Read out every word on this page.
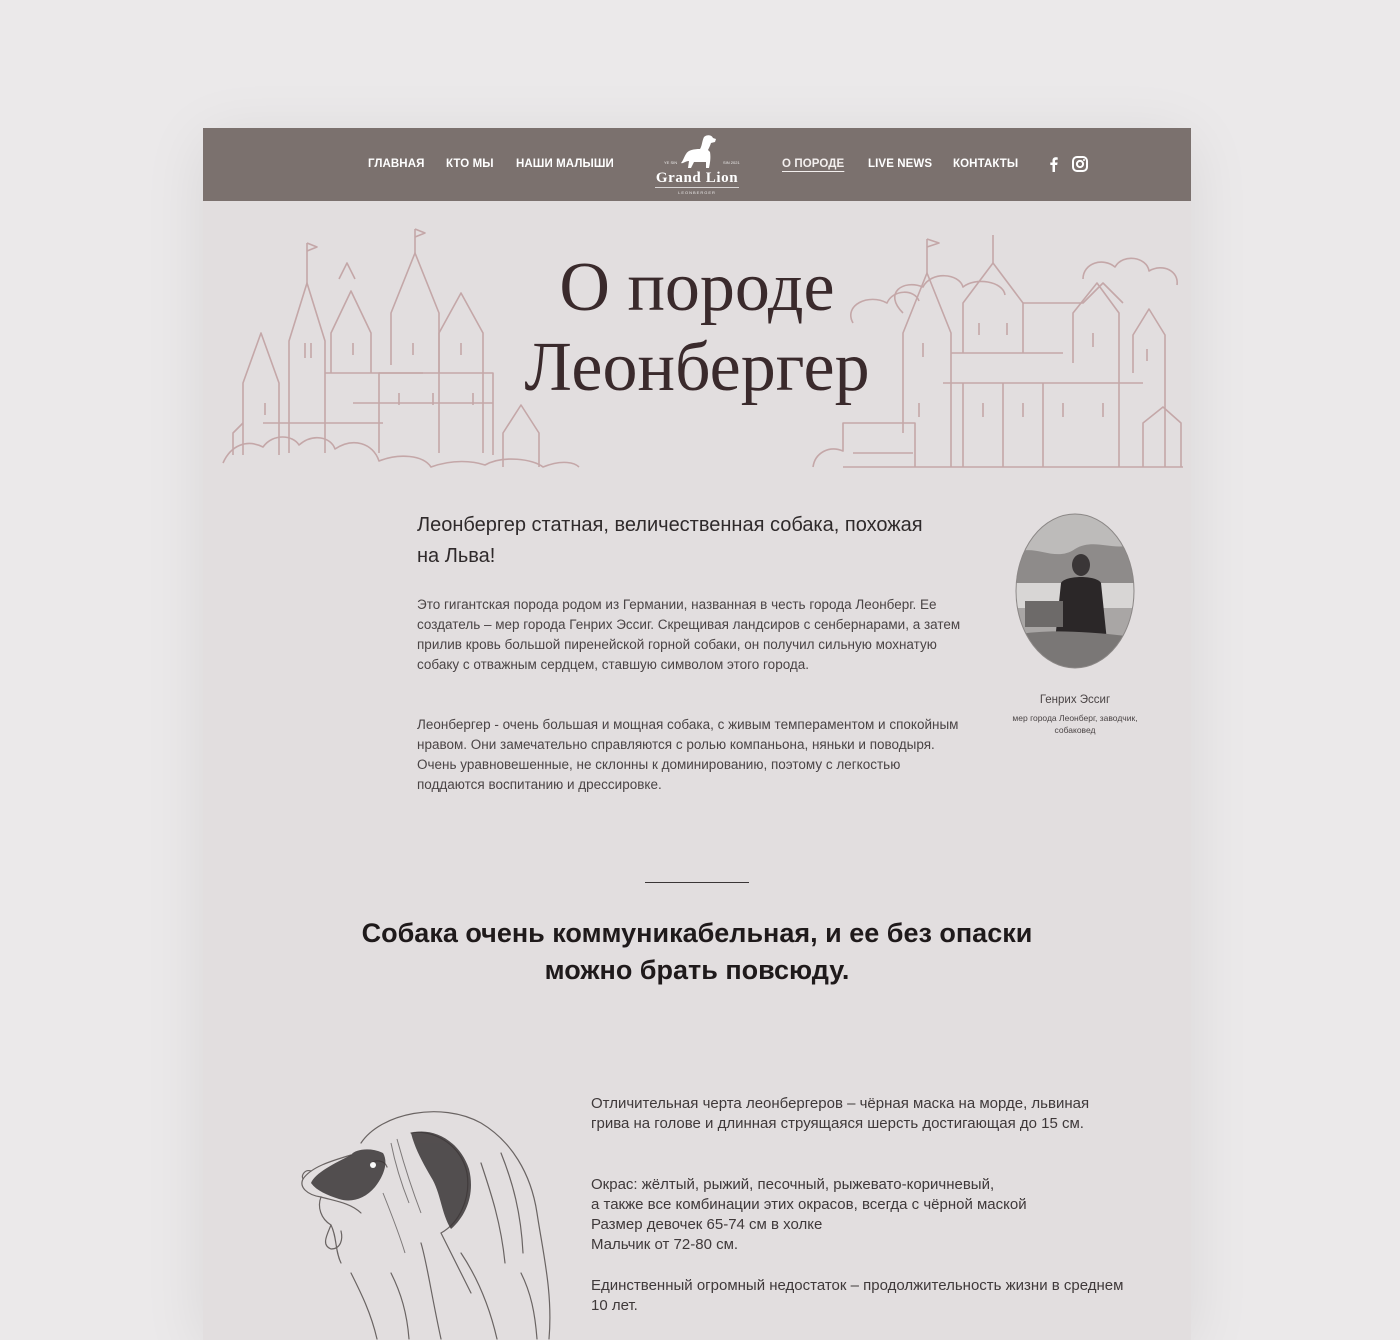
ГЛАВНАЯ КТО МЫ НАШИ МАЛЫШИ	YE SIN	SIN 2021
Grand Lion
LEONBERGER
О ПОРОДЕ LIVE NEWS КОНТАКТЫ
О породе
Леонбергер
Леонбергер статная, величественная собака, похожая на Льва!
Это гигантская порода родом из Германии, названная в честь города Леонберг. Ее создатель – мер города Генрих Эссиг. Скрещивая ландсиров с сенбернарами, а затем прилив кровь большой пиренейской горной собаки, он получил сильную мохнатую собаку с отважным сердцем, ставшую символом этого города.
Леонбергер - очень большая и мощная собака, с живым темпераментом и спокойным нравом. Они замечательно справляются с ролью компаньона, няньки и поводыря. Очень уравновешенные, не склонны к доминированию, поэтому с легкостью поддаются воспитанию и дрессировке.
Генрих Эссиг
мер города Леонберг, заводчик, собаковед
Собака очень коммуникабельная, и ее без опаски можно брать повсюду.
Отличительная черта леонбергеров – чёрная маска на морде, львиная грива на голове и длинная струящаяся шерсть достигающая до 15 см.
Окрас: жёлтый, рыжий, песочный, рыжевато-коричневый,
а также все комбинации этих окрасов, всегда с чёрной маской
Размер девочек 65-74 см в холке
Мальчик от 72-80 см.
Единственный огромный недостаток – продолжительность жизни в среднем 10 лет.
